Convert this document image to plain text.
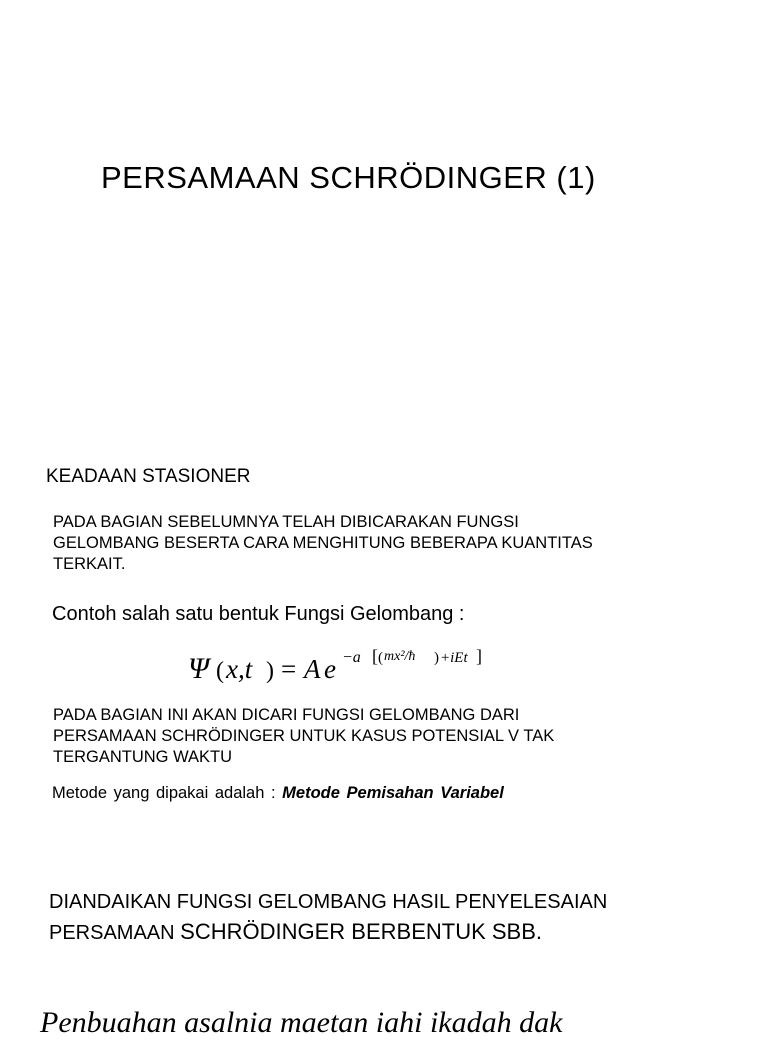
PERSAMAAN SCHRÖDINGER (1)
KEADAAN STASIONER
PADA BAGIAN SEBELUMNYA TELAH DIBICARAKAN FUNGSI
GELOMBANG BESERTA CARA MENGHITUNG BEBERAPA KUANTITAS
TERKAIT.
Contoh salah satu bentuk Fungsi Gelombang :
Ψ ( x,t ) = A e −a [ ( mx²/ħ ) +iEt ]
PADA BAGIAN INI AKAN DICARI FUNGSI GELOMBANG DARI
PERSAMAAN SCHRÖDINGER UNTUK KASUS POTENSIAL V TAK
TERGANTUNG WAKTU
Metode yang dipakai adalah : Metode Pemisahan Variabel
DIANDAIKAN FUNGSI GELOMBANG HASIL PENYELESAIAN
PERSAMAAN SCHRÖDINGER BERBENTUK SBB.
Penbuahan asalnia maetan iahi ikadah dak
